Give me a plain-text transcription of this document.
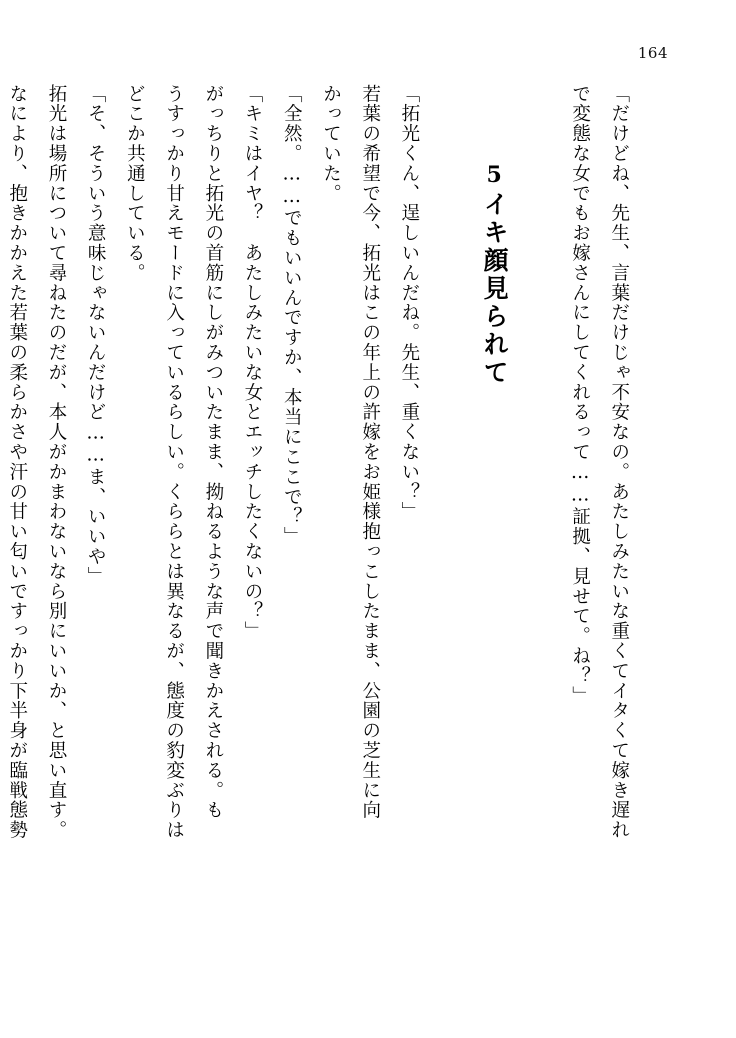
164

「だけどね、先生、言葉だけじゃ不安なの。あたしみたいな重くてイタくて嫁き遅れ
で変態な女でもお嫁さんにしてくれるって……証拠、見せて。ね？」

5イキ顔見られて

「拓光くん、逞しいんだね。先生、重くない？」
若葉の希望で今、拓光はこの年上の許嫁をお姫様抱っこしたまま、公園の芝生に向
かっていた。
「全然。……でもいいんですか、本当にここで？」
「キミはイヤ？　あたしみたいな女とエッチしたくないの？」
がっちりと拓光の首筋にしがみついたまま、拗ねるような声で聞きかえされる。も
うすっかり甘えモードに入っているらしい。くららとは異なるが、態度の豹変ぶりは
どこか共通している。
「そ、そういう意味じゃないんだけど……ま、いいや」
拓光は場所について尋ねたのだが、本人がかまわないなら別にいいか、と思い直す。
なにより、抱きかかえた若葉の柔らかさや汗の甘い匂いですっかり下半身が臨戦態勢
